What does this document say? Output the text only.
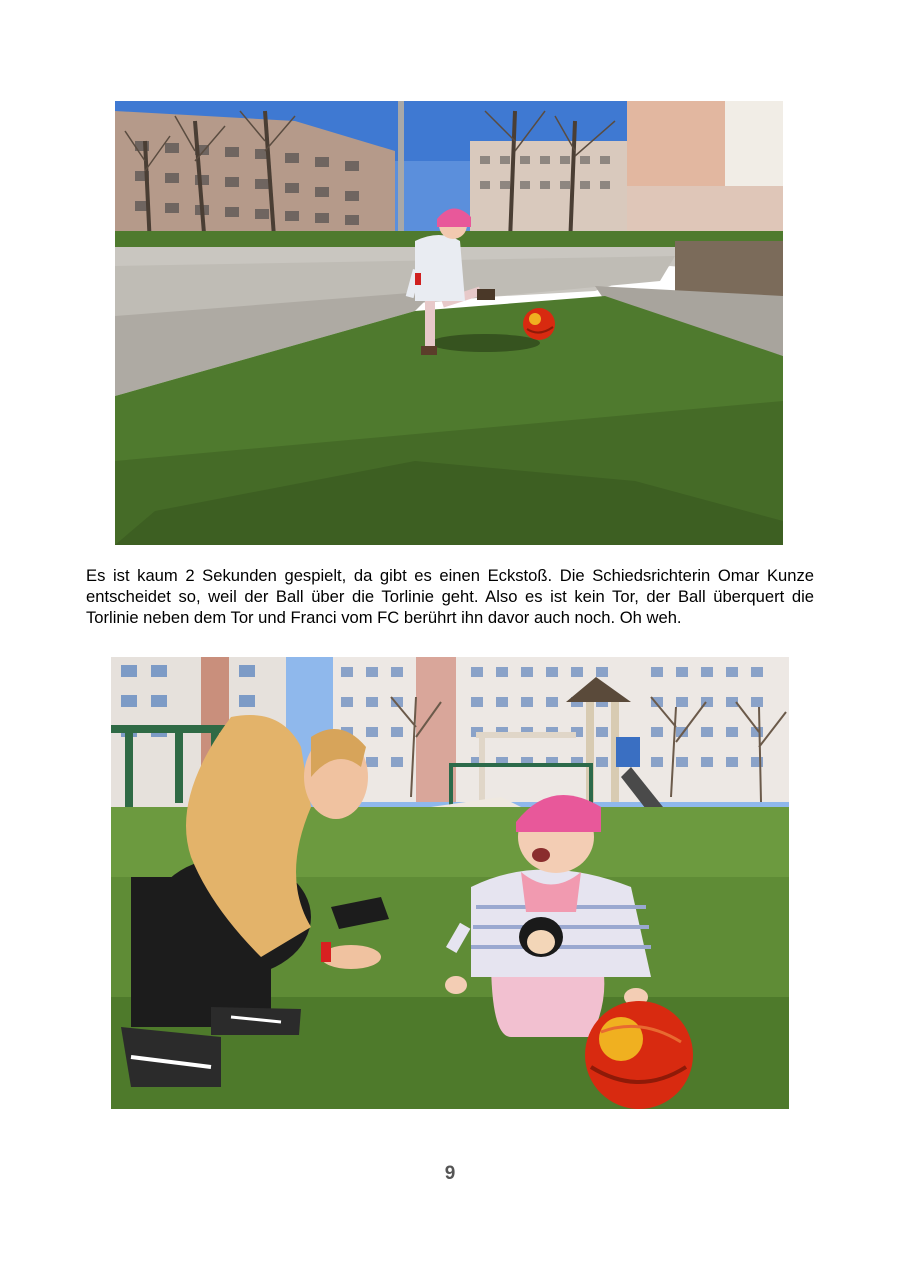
Es ist kaum 2 Sekunden gespielt, da gibt es einen Eckstoß. Die Schiedsrichterin Omar Kunze entscheidet so, weil der Ball über die Torlinie geht. Also es ist kein Tor, der Ball überquert die Torlinie neben dem Tor und Franci vom FC berührt ihn davor auch noch. Oh weh.

9
